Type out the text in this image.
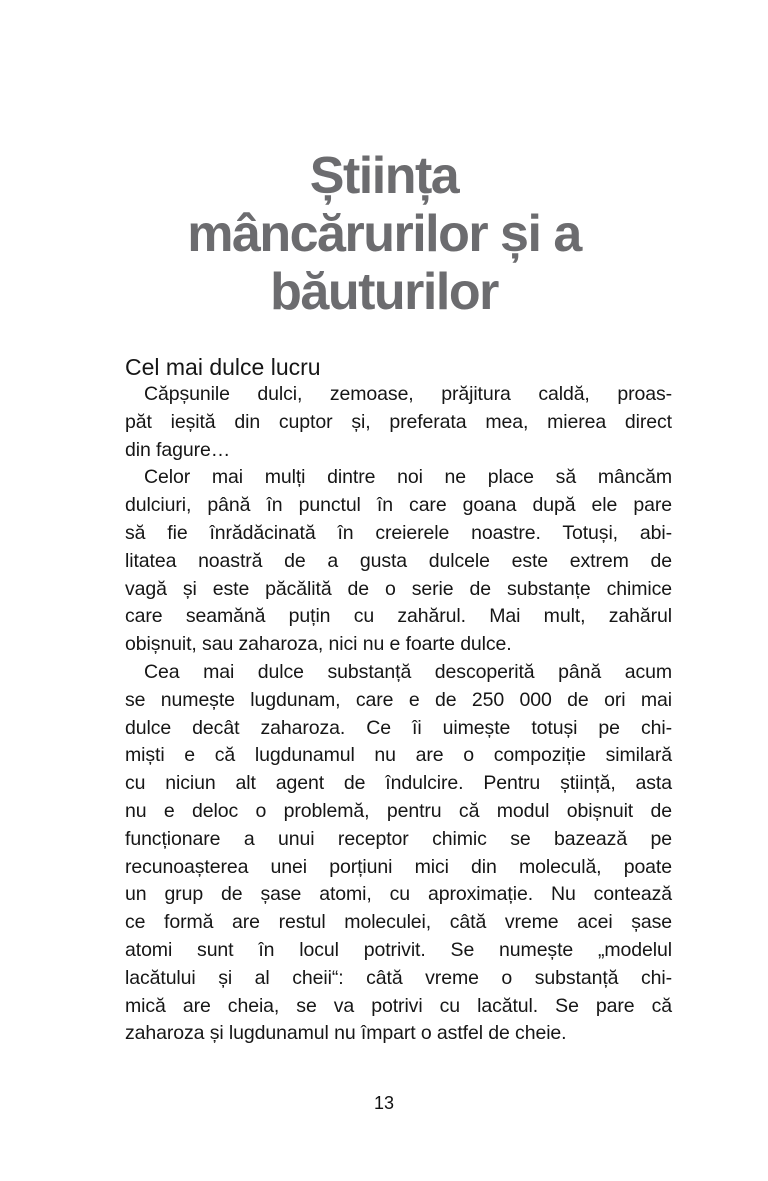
Știința
mâncărurilor și a
băuturilor
Cel mai dulce lucru
Căpșunile dulci, zemoase, prăjitura caldă, proas-
păt ieșită din cuptor și, preferata mea, mierea direct
din fagure…
Celor mai mulți dintre noi ne place să mâncăm
dulciuri, până în punctul în care goana după ele pare
să fie înrădăcinată în creierele noastre. Totuși, abi-
litatea noastră de a gusta dulcele este extrem de
vagă și este păcălită de o serie de substanțe chimice
care seamănă puțin cu zahărul. Mai mult, zahărul
obișnuit, sau zaharoza, nici nu e foarte dulce.
Cea mai dulce substanță descoperită până acum
se numește lugdunam, care e de 250 000 de ori mai
dulce decât zaharoza. Ce îi uimește totuși pe chi-
miști e că lugdunamul nu are o compoziție similară
cu niciun alt agent de îndulcire. Pentru știință, asta
nu e deloc o problemă, pentru că modul obișnuit de
funcționare a unui receptor chimic se bazează pe
recunoașterea unei porțiuni mici din moleculă, poate
un grup de șase atomi, cu aproximație. Nu contează
ce formă are restul moleculei, câtă vreme acei șase
atomi sunt în locul potrivit. Se numește „modelul
lacătului și al cheii“: câtă vreme o substanță chi-
mică are cheia, se va potrivi cu lacătul. Se pare că
zaharoza și lugdunamul nu împart o astfel de cheie.
13
